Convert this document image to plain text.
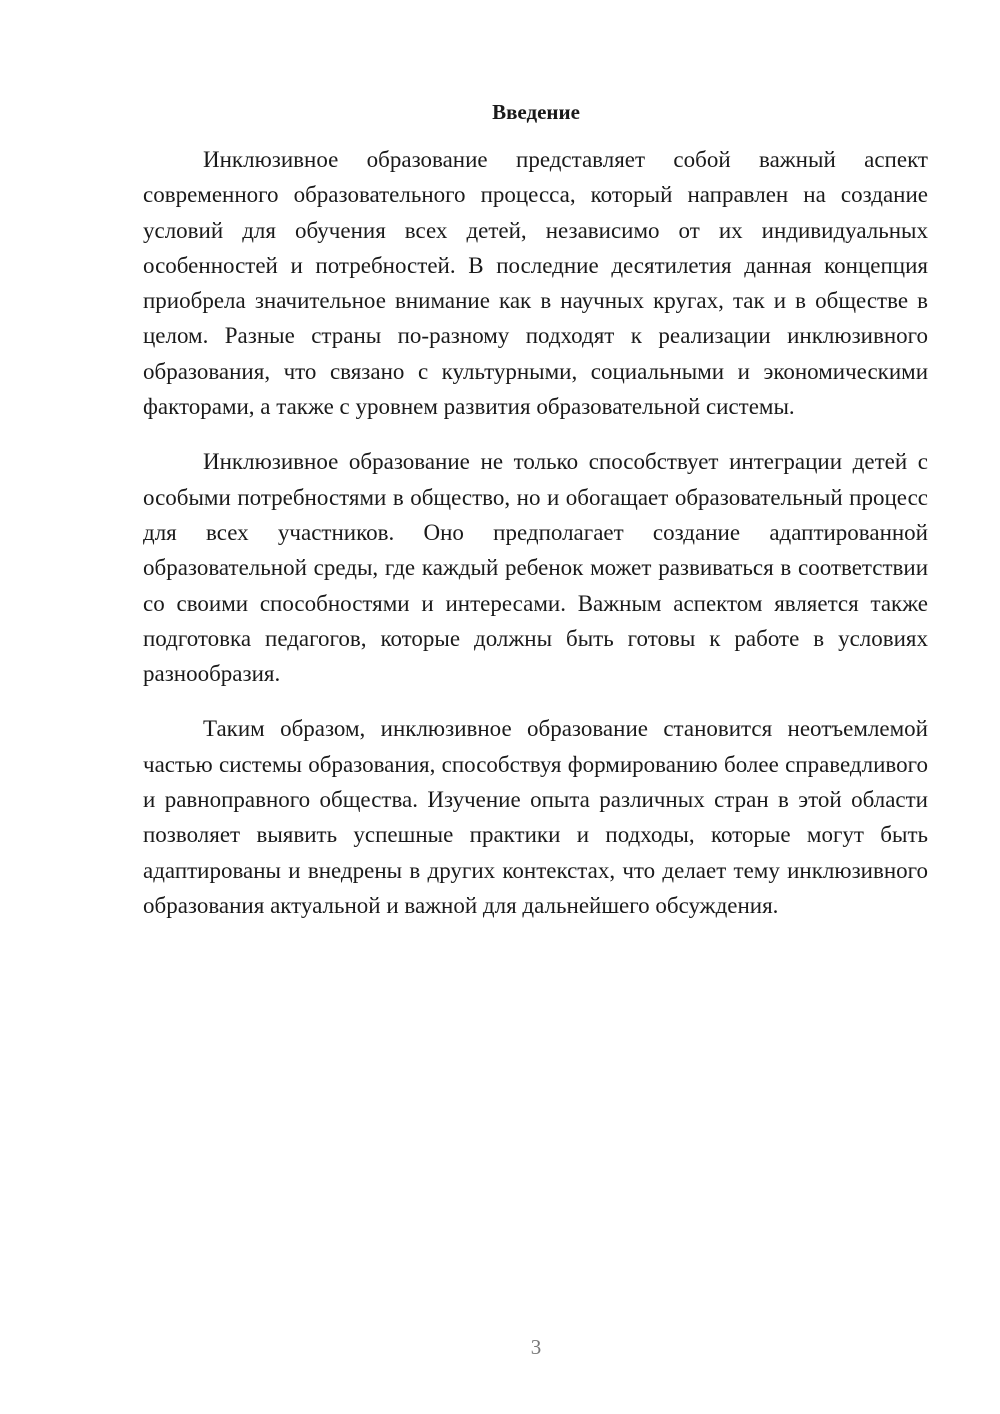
Введение

Инклюзивное образование представляет собой важный аспект современного образовательного процесса, который направлен на создание условий для обучения всех детей, независимо от их индивидуальных особенностей и потребностей. В последние десятилетия данная концепция приобрела значительное внимание как в научных кругах, так и в обществе в целом. Разные страны по-разному подходят к реализации инклюзивного образования, что связано с культурными, социальными и экономическими факторами, а также с уровнем развития образовательной системы.

Инклюзивное образование не только способствует интеграции детей с особыми потребностями в общество, но и обогащает образовательный процесс для всех участников. Оно предполагает создание адаптированной образовательной среды, где каждый ребенок может развиваться в соответствии со своими способностями и интересами. Важным аспектом является также подготовка педагогов, которые должны быть готовы к работе в условиях разнообразия.

Таким образом, инклюзивное образование становится неотъемлемой частью системы образования, способствуя формированию более справедливого и равноправного общества. Изучение опыта различных стран в этой области позволяет выявить успешные практики и подходы, которые могут быть адаптированы и внедрены в других контекстах, что делает тему инклюзивного образования актуальной и важной для дальнейшего обсуждения.

3
